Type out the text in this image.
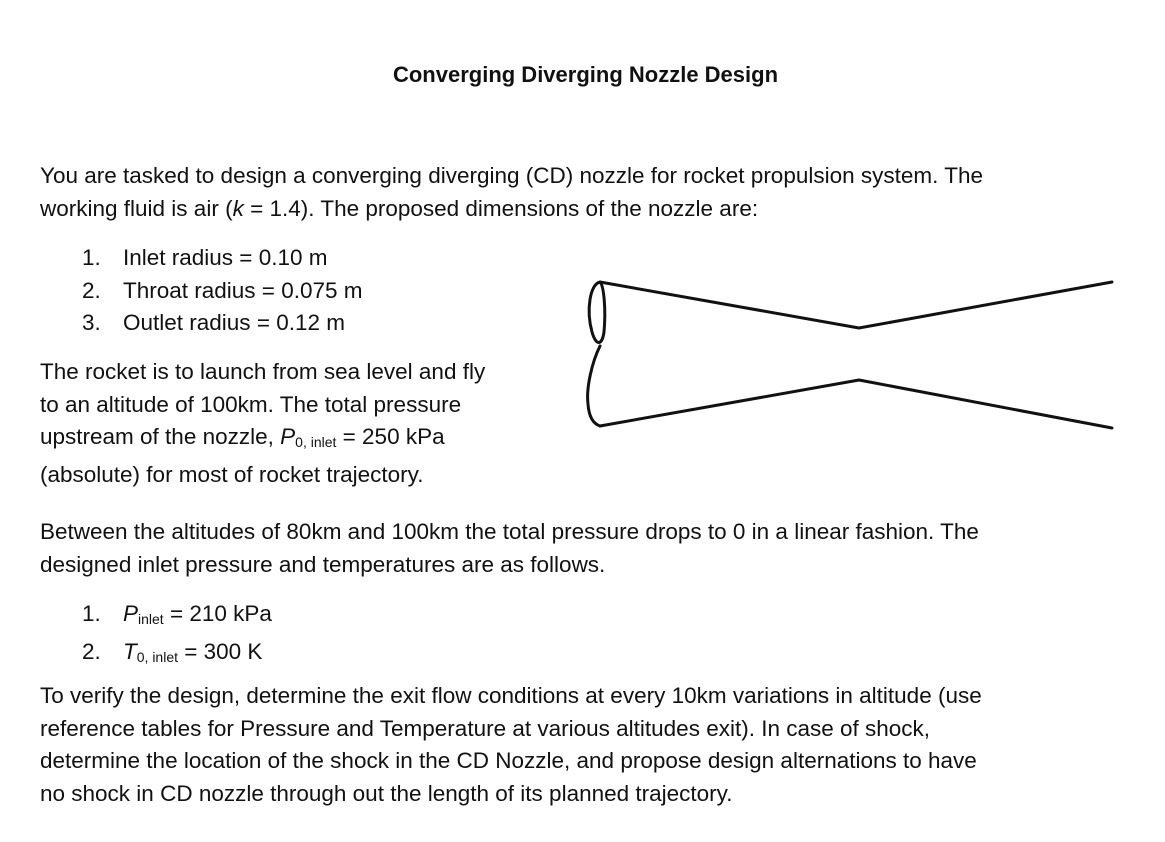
Converging Diverging Nozzle Design
You are tasked to design a converging diverging (CD) nozzle for rocket propulsion system. The
working fluid is air (k = 1.4). The proposed dimensions of the nozzle are:
1. Inlet radius = 0.10 m
2. Throat radius = 0.075 m
3. Outlet radius = 0.12 m
The rocket is to launch from sea level and fly
to an altitude of 100km. The total pressure
upstream of the nozzle, $P_{0, inlet} = 250$ kPa
(absolute) for most of rocket trajectory.
Between the altitudes of 80km and 100km the total pressure drops to 0 in a linear fashion. The
designed inlet pressure and temperatures are as follows.
1. $P_{inlet} = 210$ kPa
2. $T_{0, inlet} = 300$ K
To verify the design, determine the exit flow conditions at every 10km variations in altitude (use
reference tables for Pressure and Temperature at various altitudes exit). In case of shock,
determine the location of the shock in the CD Nozzle, and propose design alternations to have
no shock in CD nozzle through out the length of its planned trajectory.
